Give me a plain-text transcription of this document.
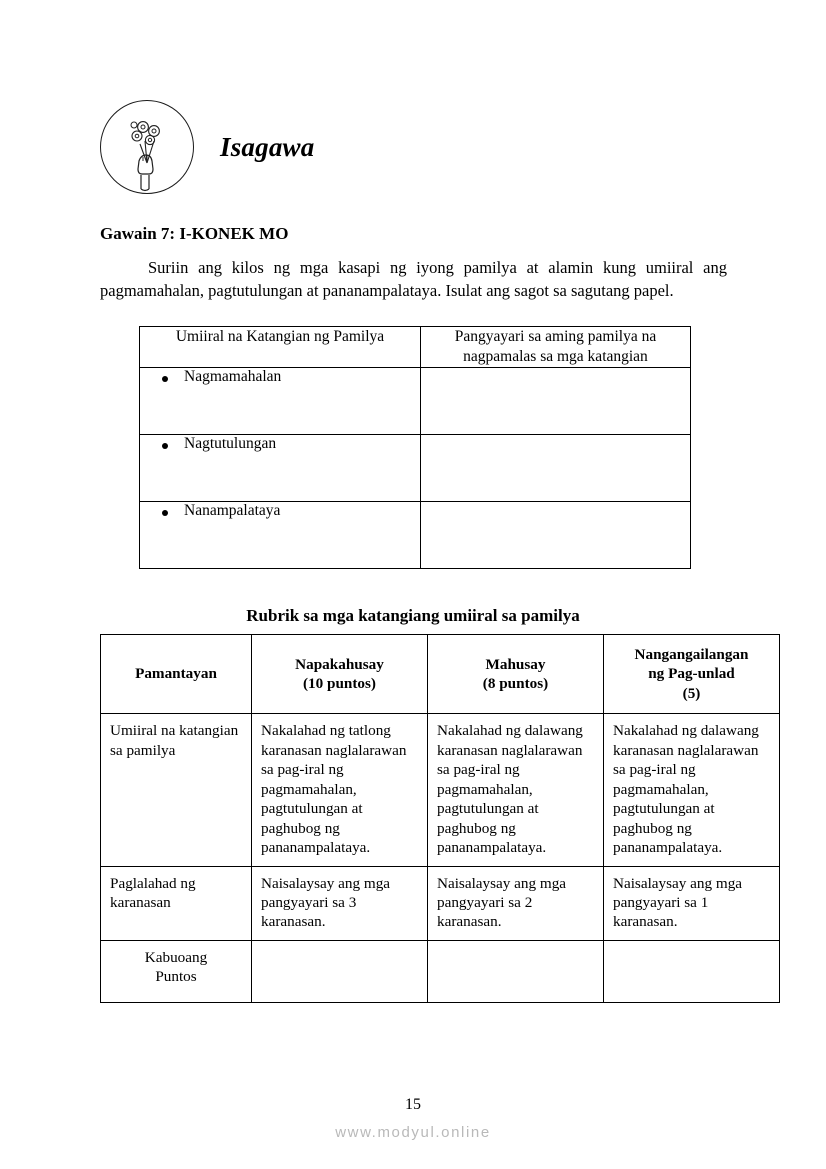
Isagawa
Gawain 7: I-KONEK MO
Suriin ang kilos ng mga kasapi ng iyong pamilya at alamin kung umiiral ang pagmamahalan, pagtutulungan at pananampalataya. Isulat ang sagot sa sagutang papel.
Umiiral na Katangian ng Pamilya	Pangyayari sa aming pamilya na nagpamalas sa mga katangian

Nagmamahalan	

Nagtutulungan	

Nanampalataya	

Rubrik sa mga katangiang umiiral sa pamilya
Pamantayan

Napakahusay
(10 puntos)

Mahusay
(8 puntos)

Nangangailangan
ng Pag-unlad
(5)

Umiiral na katangian sa pamilya	Nakalahad ng tatlong karanasan naglalarawan sa pag-iral ng pagmamahalan, pagtutulungan at paghubog ng pananampalataya.	Nakalahad ng dalawang karanasan naglalarawan sa pag-iral ng pagmamahalan, pagtutulungan at paghubog ng pananampalataya.	Nakalahad ng dalawang karanasan naglalarawan sa pag-iral ng pagmamahalan, pagtutulungan at paghubog ng pananampalataya.
Paglalahad ng karanasan	Naisalaysay ang mga pangyayari sa 3 karanasan.	Naisalaysay ang mga pangyayari sa 2 karanasan.	Naisalaysay ang mga pangyayari sa 1 karanasan.

Kabuoang
Puntos			

15
www.modyul.online
